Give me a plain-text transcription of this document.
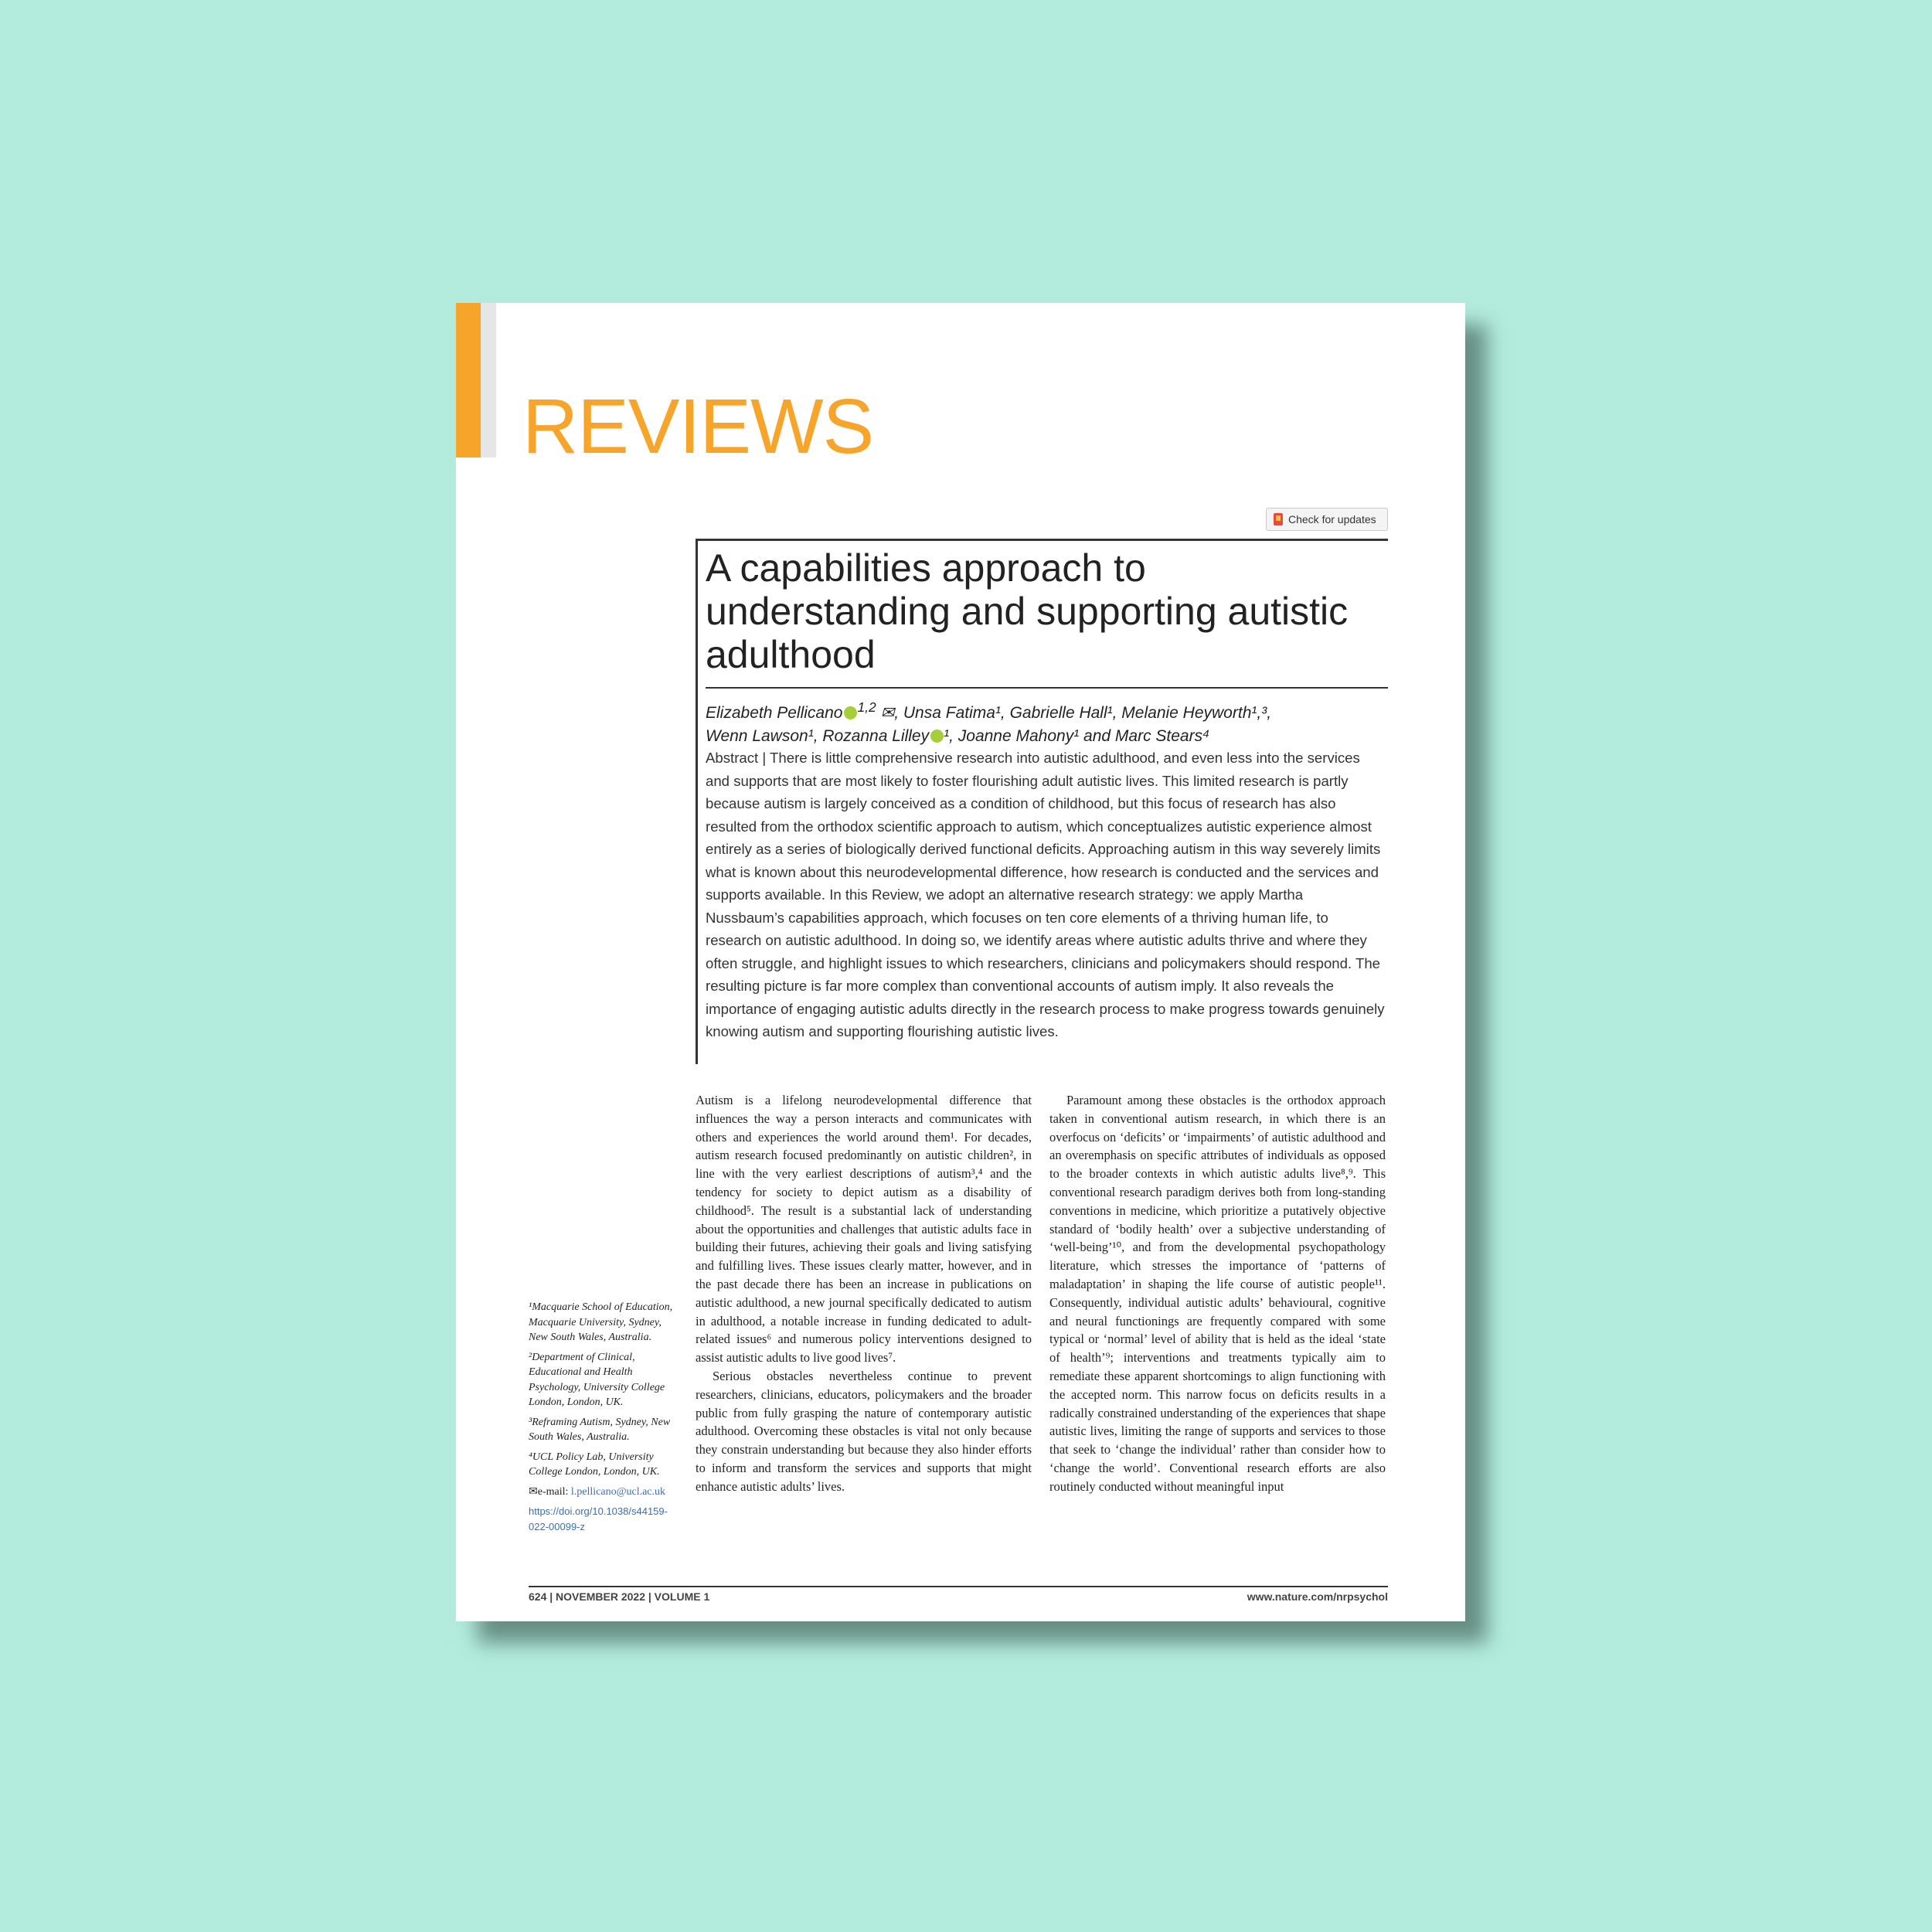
REVIEWS
Check for updates
A capabilities approach to understanding and supporting autistic adulthood
Elizabeth Pellicano $^{1,2}$ ✉, Unsa Fatima¹, Gabrielle Hall¹, Melanie Heyworth¹,³,
Wenn Lawson¹, Rozanna Lilley ¹, Joanne Mahony¹ and Marc Stears⁴
Abstract | There is little comprehensive research into autistic adulthood, and even less into the services and supports that are most likely to foster flourishing adult autistic lives. This limited research is partly because autism is largely conceived as a condition of childhood, but this focus of research has also resulted from the orthodox scientific approach to autism, which conceptualizes autistic experience almost entirely as a series of biologically derived functional deficits. Approaching autism in this way severely limits what is known about this neurodevelopmental difference, how research is conducted and the services and supports available. In this Review, we adopt an alternative research strategy: we apply Martha Nussbaum’s capabilities approach, which focuses on ten core elements of a thriving human life, to research on autistic adulthood. In doing so, we identify areas where autistic adults thrive and where they often struggle, and highlight issues to which researchers, clinicians and policymakers should respond. The resulting picture is far more complex than conventional accounts of autism imply. It also reveals the importance of engaging autistic adults directly in the research process to make progress towards genuinely knowing autism and supporting flourishing autistic lives.

Autism is a lifelong neurodevelopmental difference that influences the way a person interacts and communicates with others and experiences the world around them¹. For decades, autism research focused predominantly on autistic children², in line with the very earliest descriptions of autism³,⁴ and the tendency for society to depict autism as a disability of childhood⁵. The result is a substantial lack of understanding about the opportunities and challenges that autistic adults face in building their futures, achieving their goals and living satisfying and fulfilling lives. These issues clearly matter, however, and in the past decade there has been an increase in publications on autistic adulthood, a new journal specifically dedicated to autism in adulthood, a notable increase in funding dedicated to adult-related issues⁶ and numerous policy interventions designed to assist autistic adults to live good lives⁷.

Serious obstacles nevertheless continue to prevent researchers, clinicians, educators, policymakers and the broader public from fully grasping the nature of contemporary autistic adulthood. Overcoming these obstacles is vital not only because they constrain understanding but because they also hinder efforts to inform and transform the services and supports that might enhance autistic adults’ lives.

Paramount among these obstacles is the orthodox approach taken in conventional autism research, in which there is an overfocus on ‘deficits’ or ‘impairments’ of autistic adulthood and an overemphasis on specific attributes of individuals as opposed to the broader contexts in which autistic adults live⁸,⁹. This conventional research paradigm derives both from long-standing conventions in medicine, which prioritize a putatively objective standard of ‘bodily health’ over a subjective understanding of ‘well-being’¹⁰, and from the developmental psychopathology literature, which stresses the importance of ‘patterns of maladaptation’ in shaping the life course of autistic people¹¹. Consequently, individual autistic adults’ behavioural, cognitive and neural functionings are frequently compared with some typical or ‘normal’ level of ability that is held as the ideal ‘state of health’⁹; interventions and treatments typically aim to remediate these apparent shortcomings to align functioning with the accepted norm. This narrow focus on deficits results in a radically constrained understanding of the experiences that shape autistic lives, limiting the range of supports and services to those that seek to ‘change the individual’ rather than consider how to ‘change the world’. Conventional research efforts are also routinely conducted without meaningful input

¹Macquarie School of Education, Macquarie University, Sydney, New South Wales, Australia.
²Department of Clinical, Educational and Health Psychology, University College London, London, UK.
³Reframing Autism, Sydney, New South Wales, Australia.
⁴UCL Policy Lab, University College London, London, UK.
✉e-mail: l.pellicano@ucl.ac.uk
https://doi.org/10.1038/s44159-022-00099-z
624 | NOVEMBER 2022 | VOLUME 1	www.nature.com/nrpsychol
